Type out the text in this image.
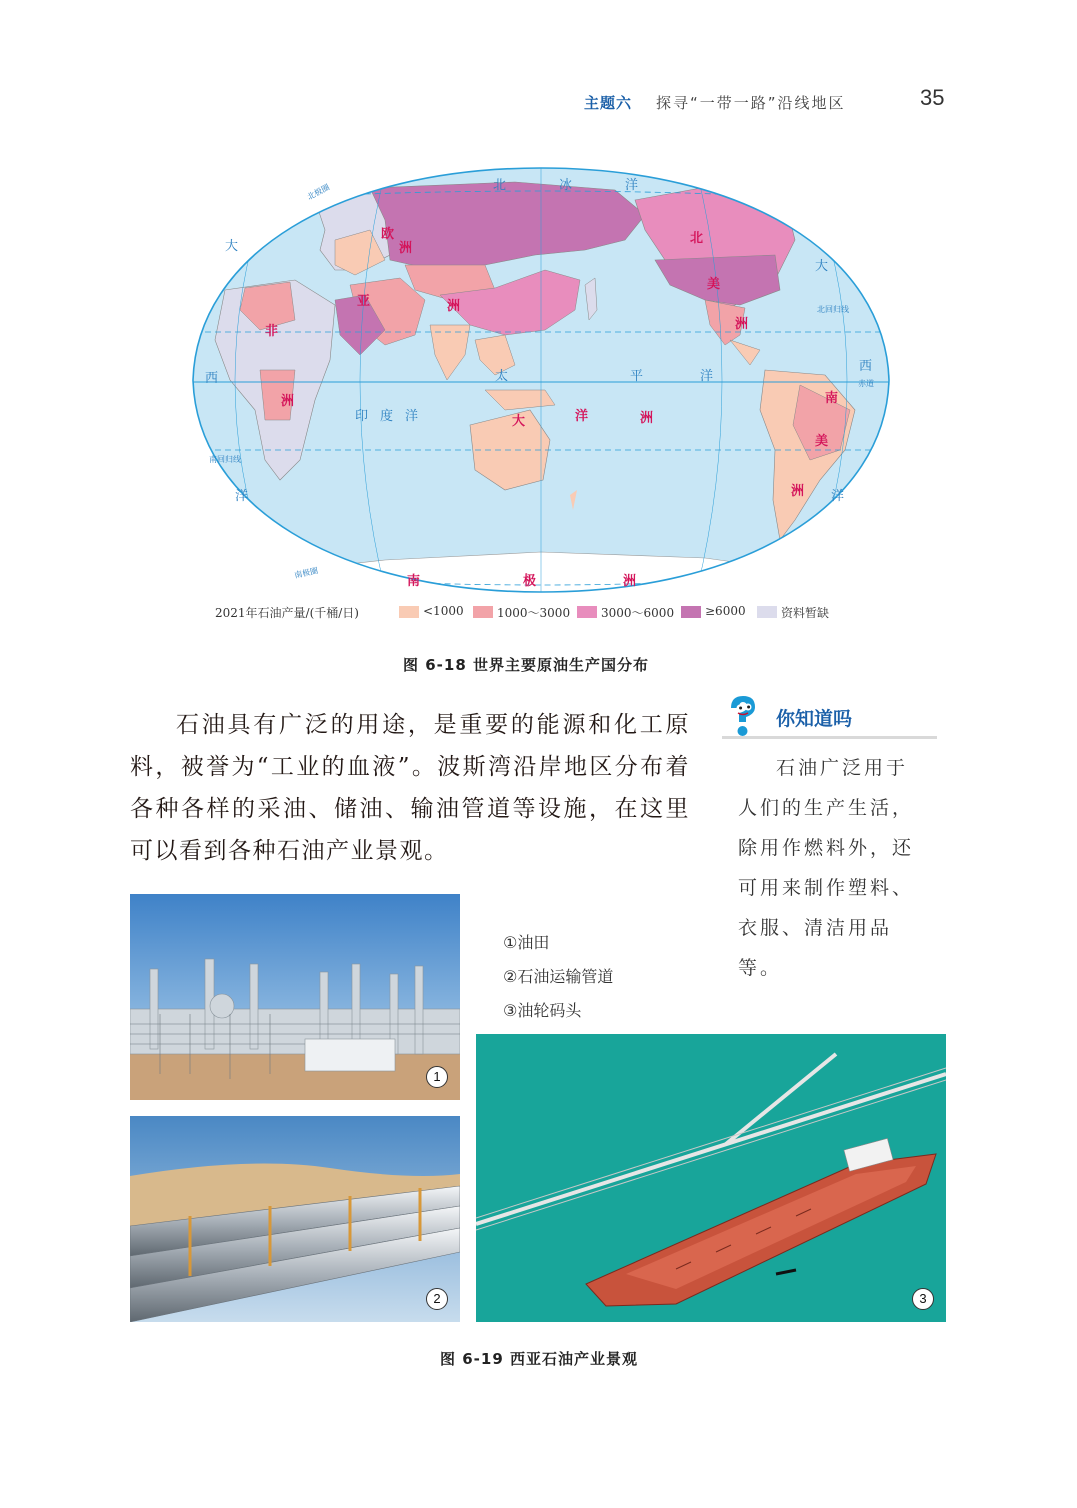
主题六 探寻“一带一路”沿线地区	35
北	冰	洋
大
西
洋
大
西
洋
太	平	洋
印度洋
北极圈
北回归线
赤道
南回归线
南极圈
欧
洲
亚	洲
非
洲
北
美
洲
南
美
洲
大	洋	洲
南	极	洲
2021年石油产量/(千桶/日)	<1000	1000～3000	3000～6000	≥6000	资料暂缺
图 6-18 世界主要原油生产国分布

石油具有广泛的用途，是重要的能源和化工原料，被誉为“工业的血液”。波斯湾沿岸地区分布着各种各样的采油、储油、输油管道等设施，在这里可以看到各种石油产业景观。

你知道吗

石油广泛用于人们的生产生活，除用作燃料外，还可用来制作塑料、衣服、清洁用品等。

1
2
①油田
②石油运输管道
③油轮码头
3
图 6-19 西亚石油产业景观
